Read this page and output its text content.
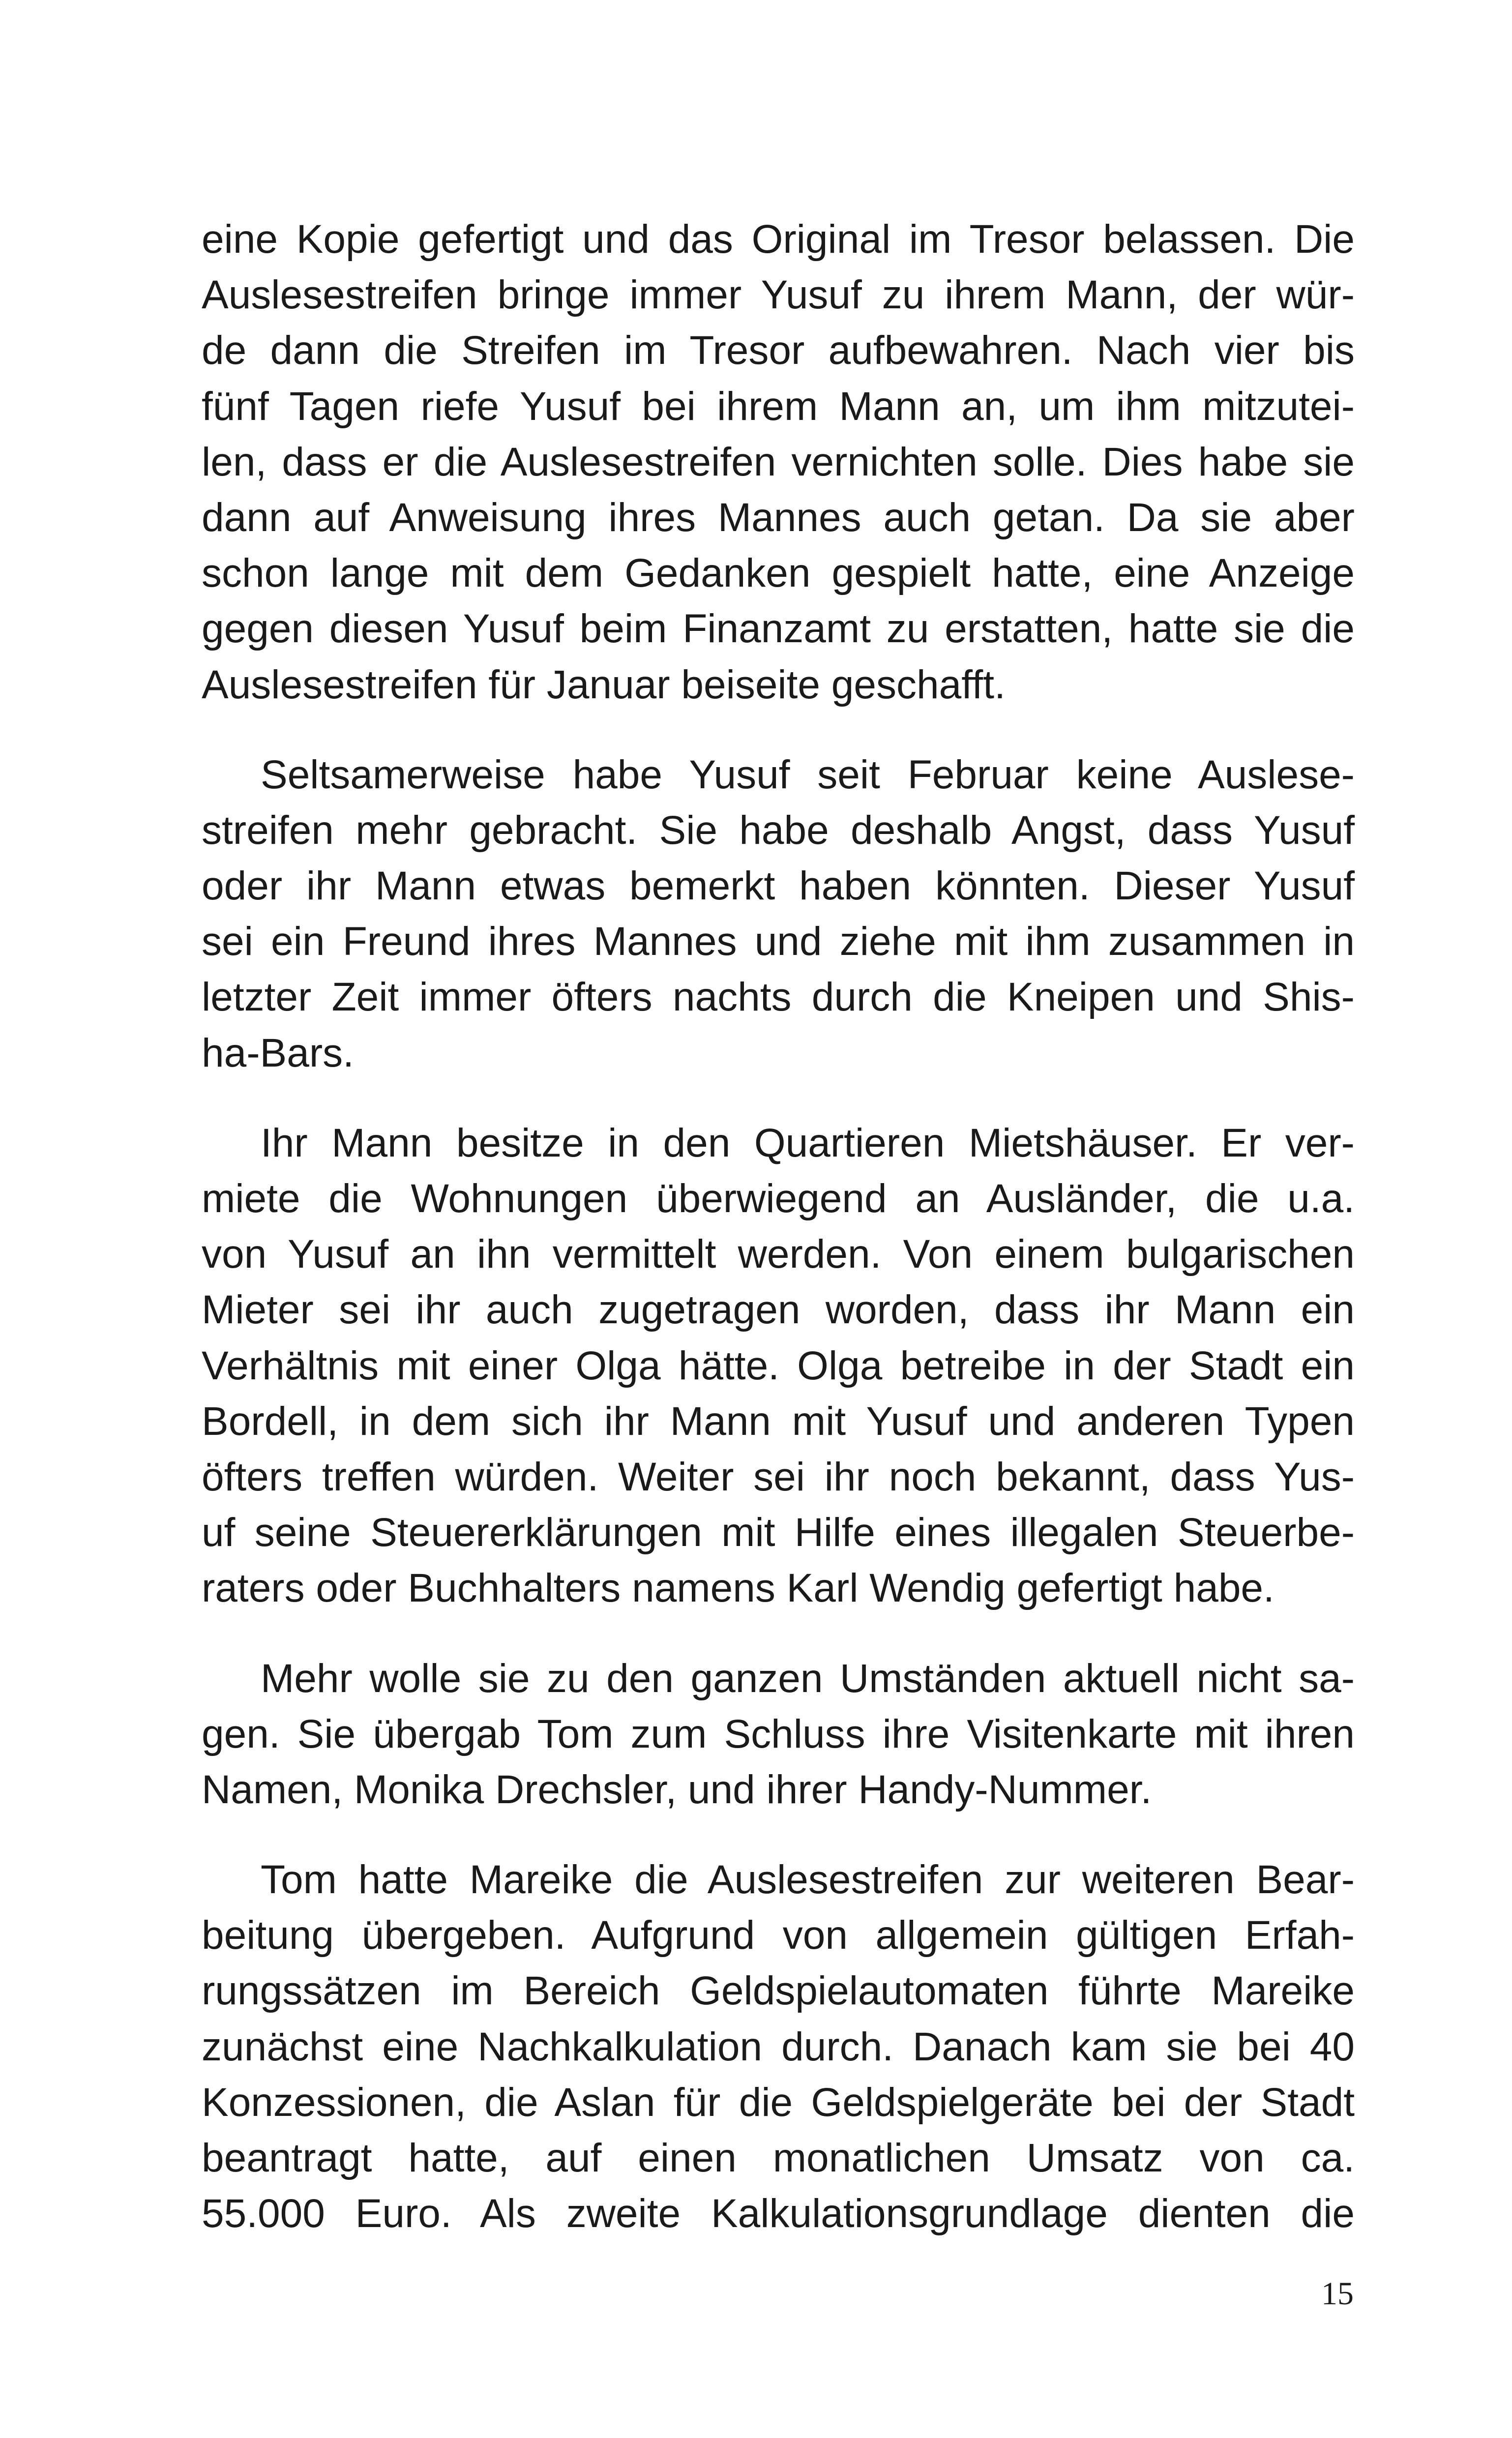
eine Kopie gefertigt und das Original im Tresor belassen. Die
Auslesestreifen bringe immer Yusuf zu ihrem Mann, der wür-
de dann die Streifen im Tresor aufbewahren. Nach vier bis
fünf Tagen riefe Yusuf bei ihrem Mann an, um ihm mitzutei-
len, dass er die Auslesestreifen vernichten solle. Dies habe sie
dann auf Anweisung ihres Mannes auch getan. Da sie aber
schon lange mit dem Gedanken gespielt hatte, eine Anzeige
gegen diesen Yusuf beim Finanzamt zu erstatten, hatte sie die
Auslesestreifen für Januar beiseite geschafft.
Seltsamerweise habe Yusuf seit Februar keine Auslese-
streifen mehr gebracht. Sie habe deshalb Angst, dass Yusuf
oder ihr Mann etwas bemerkt haben könnten. Dieser Yusuf
sei ein Freund ihres Mannes und ziehe mit ihm zusammen in
letzter Zeit immer öfters nachts durch die Kneipen und Shis-
ha-Bars.
Ihr Mann besitze in den Quartieren Mietshäuser. Er ver-
miete die Wohnungen überwiegend an Ausländer, die u.a.
von Yusuf an ihn vermittelt werden. Von einem bulgarischen
Mieter sei ihr auch zugetragen worden, dass ihr Mann ein
Verhältnis mit einer Olga hätte. Olga betreibe in der Stadt ein
Bordell, in dem sich ihr Mann mit Yusuf und anderen Typen
öfters treffen würden. Weiter sei ihr noch bekannt, dass Yus-
uf seine Steuererklärungen mit Hilfe eines illegalen Steuerbe-
raters oder Buchhalters namens Karl Wendig gefertigt habe.
Mehr wolle sie zu den ganzen Umständen aktuell nicht sa-
gen. Sie übergab Tom zum Schluss ihre Visitenkarte mit ihren
Namen, Monika Drechsler, und ihrer Handy-Nummer.
Tom hatte Mareike die Auslesestreifen zur weiteren Bear-
beitung übergeben. Aufgrund von allgemein gültigen Erfah-
rungssätzen im Bereich Geldspielautomaten führte Mareike
zunächst eine Nachkalkulation durch. Danach kam sie bei 40
Konzessionen, die Aslan für die Geldspielgeräte bei der Stadt
beantragt hatte, auf einen monatlichen Umsatz von ca.
55.000 Euro. Als zweite Kalkulationsgrundlage dienten die
15
